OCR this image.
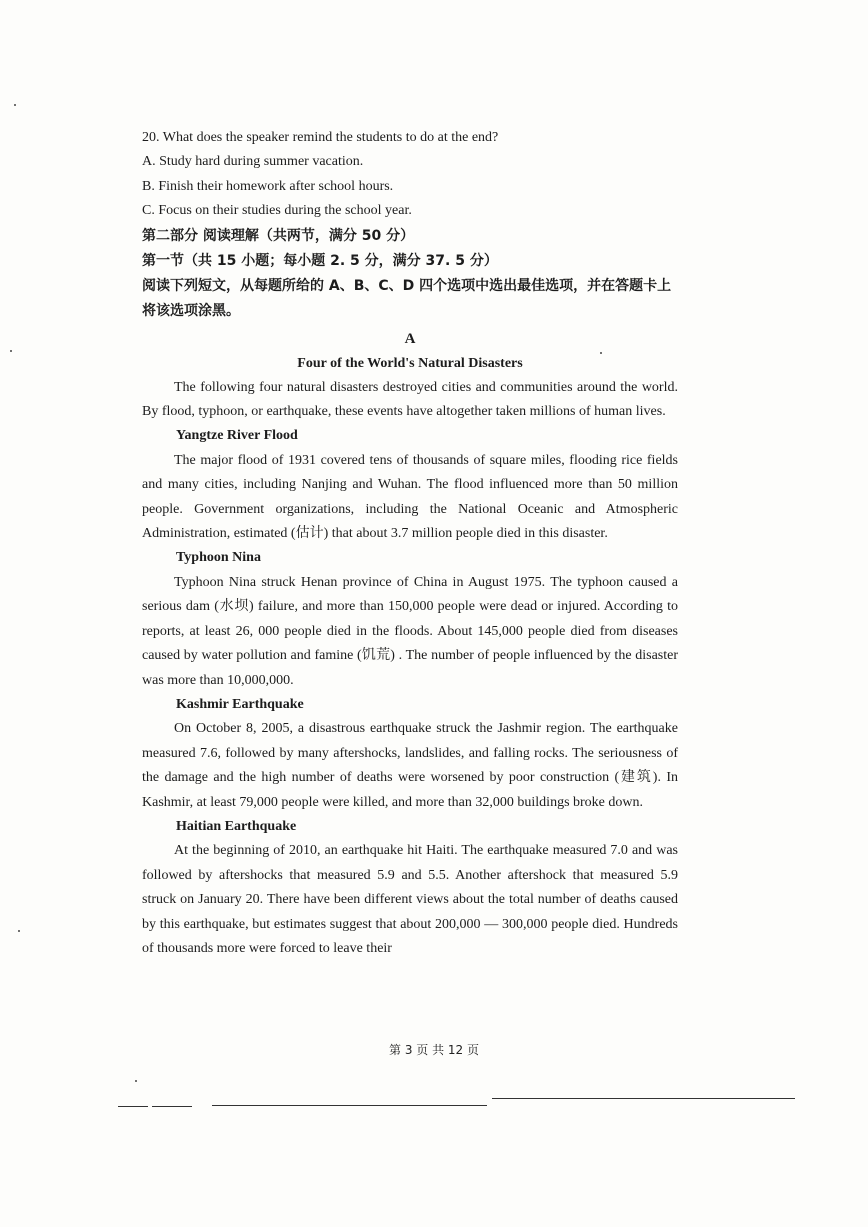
20. What does the speaker remind the students to do at the end?
A. Study hard during summer vacation.
B. Finish their homework after school hours.
C. Focus on their studies during the school year.
第二部分 阅读理解（共两节，满分 50 分）
第一节（共 15 小题；每小题 2. 5 分，满分 37. 5 分）
阅读下列短文，从每题所给的 A、B、C、D 四个选项中选出最佳选项，并在答题卡上将该选项涂黑。
A
Four of the World's Natural Disasters

The following four natural disasters destroyed cities and communities around the world. By flood, typhoon, or earthquake, these events have altogether taken millions of human lives.

Yangtze River Flood

The major flood of 1931 covered tens of thousands of square miles, flooding rice fields and many cities, including Nanjing and Wuhan. The flood influenced more than 50 million people. Government organizations, including the National Oceanic and Atmospheric Administration, estimated (估计) that about 3.7 million people died in this disaster.

Typhoon Nina

Typhoon Nina struck Henan province of China in August 1975. The typhoon caused a serious dam (水坝) failure, and more than 150,000 people were dead or injured. According to reports, at least 26, 000 people died in the floods. About 145,000 people died from diseases caused by water pollution and famine (饥荒) . The number of people influenced by the disaster was more than 10,000,000.

Kashmir Earthquake

On October 8, 2005, a disastrous earthquake struck the Jashmir region. The earthquake measured 7.6, followed by many aftershocks, landslides, and falling rocks. The seriousness of the damage and the high number of deaths were worsened by poor construction (建筑). In Kashmir, at least 79,000 people were killed, and more than 32,000 buildings broke down.

Haitian Earthquake

At the beginning of 2010, an earthquake hit Haiti. The earthquake measured 7.0 and was followed by aftershocks that measured 5.9 and 5.5. Another aftershock that measured 5.9 struck on January 20. There have been different views about the total number of deaths caused by this earthquake, but estimates suggest that about 200,000 — 300,000 people died. Hundreds of thousands more were forced to leave their

第 3 页 共 12 页
